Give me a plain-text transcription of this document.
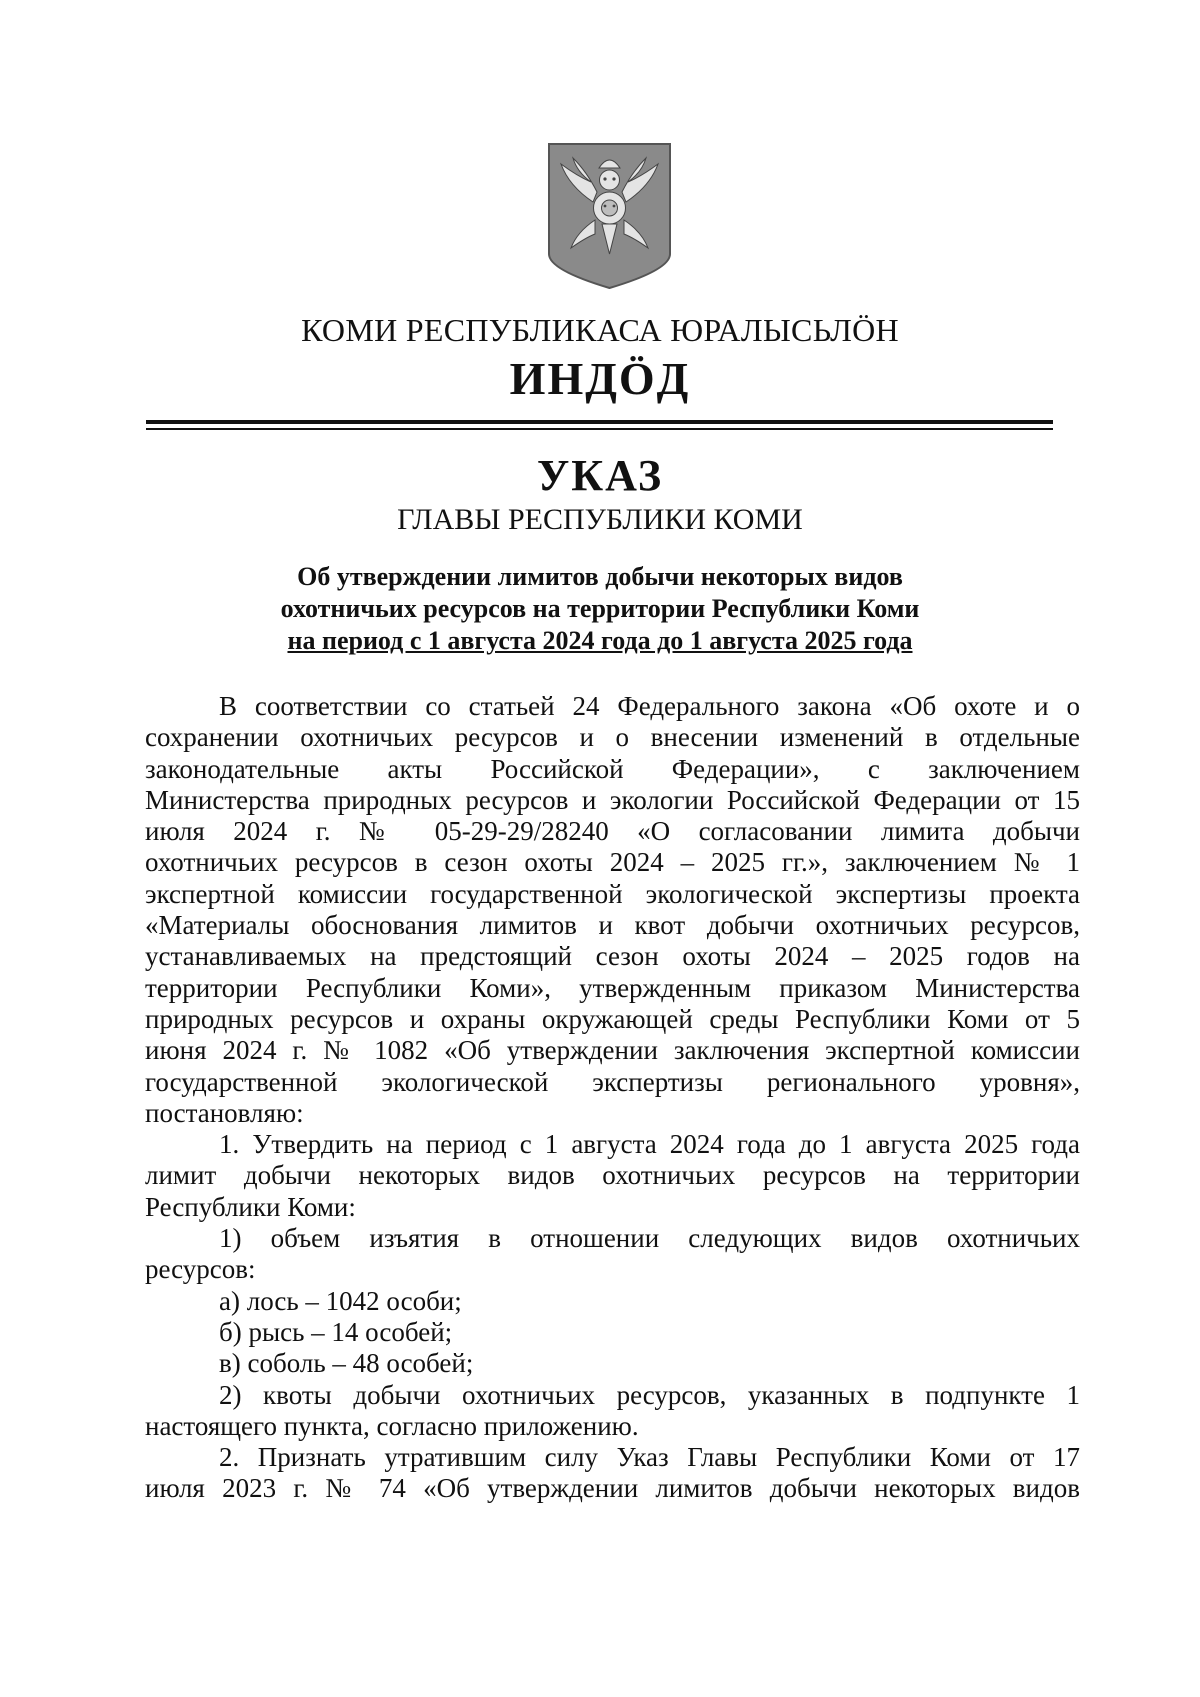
КОМИ РЕСПУБЛИКАСА ЮРАЛЫСЬЛӦН
ИНДӦД
УКАЗ
ГЛАВЫ РЕСПУБЛИКИ КОМИ
Об утверждении лимитов добычи некоторых видов
охотничьих ресурсов на территории Республики Коми
на период с 1 августа 2024 года до 1 августа 2025 года
В соответствии со статьей 24 Федерального закона «Об охоте и о
сохранении охотничьих ресурсов и о внесении изменений в отдельные
законодательные акты Российской Федерации», с заключением
Министерства природных ресурсов и экологии Российской Федерации от 15
июля 2024 г. № 05-29-29/28240 «О согласовании лимита добычи
охотничьих ресурсов в сезон охоты 2024 – 2025 гг.», заключением № 1
экспертной комиссии государственной экологической экспертизы проекта
«Материалы обоснования лимитов и квот добычи охотничьих ресурсов,
устанавливаемых на предстоящий сезон охоты 2024 – 2025 годов на
территории Республики Коми», утвержденным приказом Министерства
природных ресурсов и охраны окружающей среды Республики Коми от 5
июня 2024 г. № 1082 «Об утверждении заключения экспертной комиссии
государственной экологической экспертизы регионального уровня»,
постановляю:
1. Утвердить на период с 1 августа 2024 года до 1 августа 2025 года
лимит добычи некоторых видов охотничьих ресурсов на территории
Республики Коми:
1) объем изъятия в отношении следующих видов охотничьих
ресурсов:
а) лось – 1042 особи;
б) рысь – 14 особей;
в) соболь – 48 особей;
2) квоты добычи охотничьих ресурсов, указанных в подпункте 1
настоящего пункта, согласно приложению.
2. Признать утратившим силу Указ Главы Республики Коми от 17
июля 2023 г. № 74 «Об утверждении лимитов добычи некоторых видов
